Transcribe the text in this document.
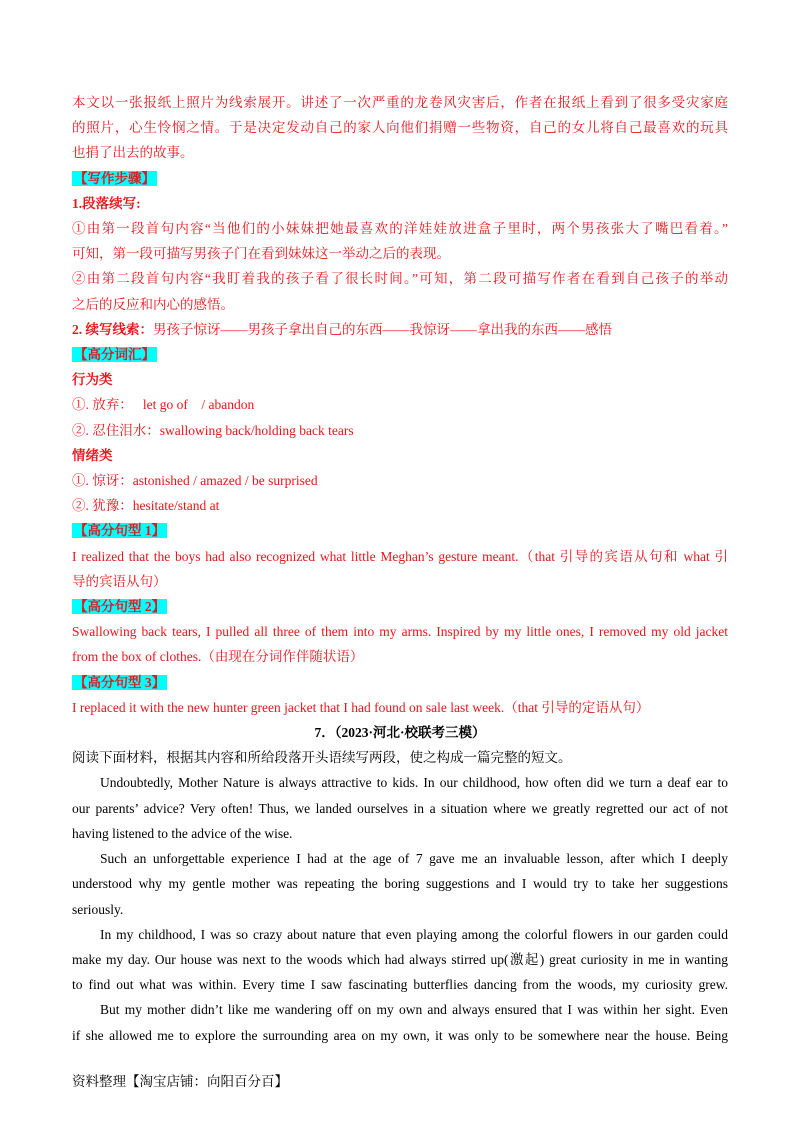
本文以一张报纸上照片为线索展开。讲述了一次严重的龙卷风灾害后，作者在报纸上看到了很多受灾家庭
的照片，心生怜悯之情。于是决定发动自己的家人向他们捐赠一些物资，自己的女儿将自己最喜欢的玩具
也捐了出去的故事。
【写作步骤】
1.段落续写:
①由第一段首句内容“当他们的小妹妹把她最喜欢的洋娃娃放进盒子里时，两个男孩张大了嘴巴看着。”
可知，第一段可描写男孩子门在看到妹妹这一举动之后的表现。
②由第二段首句内容“我盯着我的孩子看了很长时间。”可知，第二段可描写作者在看到自己孩子的举动
之后的反应和内心的感悟。
2. 续写线索：男孩子惊讶——男孩子拿出自己的东西——我惊讶——拿出我的东西——感悟
【高分词汇】
行为类
①. 放弃：   let go of    / abandon
②. 忍住泪水：swallowing back/holding back tears
情绪类
①. 惊讶：astonished / amazed / be surprised
②. 犹豫：hesitate/stand at
【高分句型 1】
I realized that the boys had also recognized what little Meghan’s gesture meant.（that 引导的宾语从句和 what 引
导的宾语从句）
【高分句型 2】
Swallowing back tears, I pulled all three of them into my arms. Inspired by my little ones, I removed my old jacket
from the box of clothes.（由现在分词作伴随状语）
【高分句型 3】
I replaced it with the new hunter green jacket that I had found on sale last week.（that 引导的定语从句）
7．（2023·河北·校联考三模）
阅读下面材料，根据其内容和所给段落开头语续写两段，使之构成一篇完整的短文。
Undoubtedly, Mother Nature is always attractive to kids. In our childhood, how often did we turn a deaf ear to
our parents’ advice? Very often! Thus, we landed ourselves in a situation where we greatly regretted our act of not
having listened to the advice of the wise.
Such an unforgettable experience I had at the age of 7 gave me an invaluable lesson, after which I deeply
understood why my gentle mother was repeating the boring suggestions and I would try to take her suggestions
seriously.
In my childhood, I was so crazy about nature that even playing among the colorful flowers in our garden could
make my day. Our house was next to the woods which had always stirred up(激起) great curiosity in me in wanting
to find out what was within. Every time I saw fascinating butterflies dancing from the woods, my curiosity grew.
But my mother didn’t like me wandering off on my own and always ensured that I was within her sight. Even
if she allowed me to explore the surrounding area on my own, it was only to be somewhere near the house. Being
资料整理【淘宝店铺：向阳百分百】
